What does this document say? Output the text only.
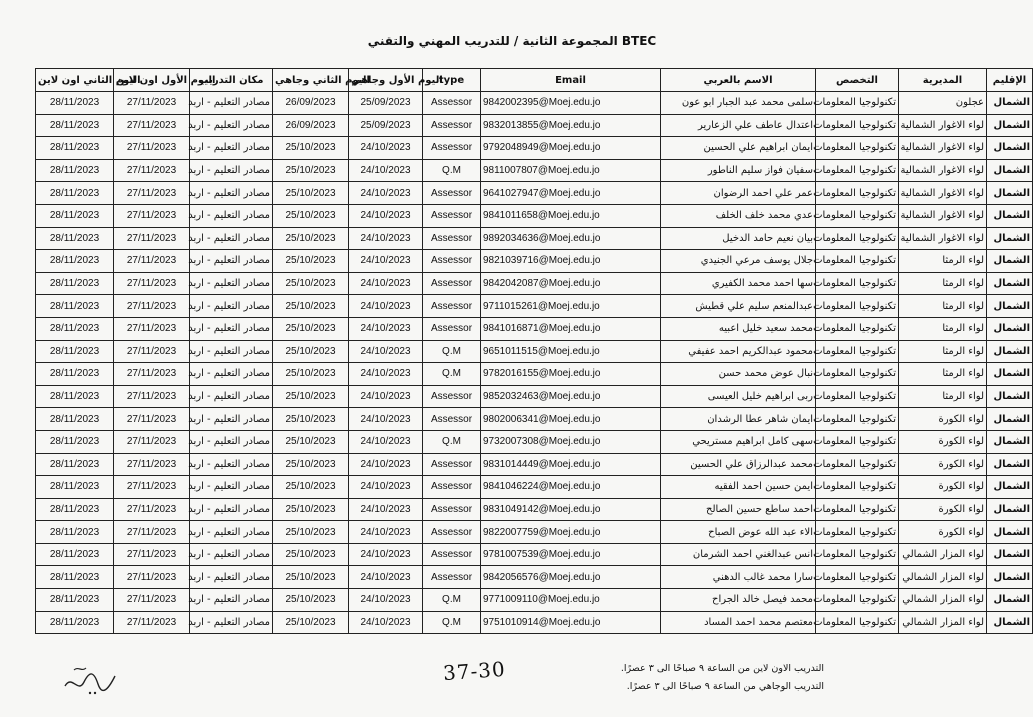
المجموعة الثانية / للتدريب المهني والتقني BTEC
اليوم الثاني اون لاين	اليوم الأول اون لاين	مكان التدريب	اليوم الثاني وجاهي	اليوم الأول وجاهي	type	Email	الاسم بالعربي	التخصص	المديرية	الإقليم
28/11/2023	27/11/2023	مصادر التعليم - اربد	26/09/2023	25/09/2023	Assessor	9842002395@Moej.edu.jo	سلمى محمد عبد الجبار ابو عون	تكنولوجيا المعلومات	عجلون	الشمال
28/11/2023	27/11/2023	مصادر التعليم - اربد	26/09/2023	25/09/2023	Assessor	9832013855@Moej.edu.jo	اعتدال عاطف علي الزعارير	تكنولوجيا المعلومات	لواء الاغوار الشمالية	الشمال
28/11/2023	27/11/2023	مصادر التعليم - اربد	25/10/2023	24/10/2023	Assessor	9792048949@Moej.edu.jo	ايمان ابراهيم علي الحسين	تكنولوجيا المعلومات	لواء الاغوار الشمالية	الشمال
28/11/2023	27/11/2023	مصادر التعليم - اربد	25/10/2023	24/10/2023	Q.M	9811007807@Moej.edu.jo	سفيان فواز سليم الناطور	تكنولوجيا المعلومات	لواء الاغوار الشمالية	الشمال
28/11/2023	27/11/2023	مصادر التعليم - اربد	25/10/2023	24/10/2023	Assessor	9641027947@Moej.edu.jo	عمر علي احمد الرضوان	تكنولوجيا المعلومات	لواء الاغوار الشمالية	الشمال
28/11/2023	27/11/2023	مصادر التعليم - اربد	25/10/2023	24/10/2023	Assessor	9841011658@Moej.edu.jo	عدي محمد خلف الخلف	تكنولوجيا المعلومات	لواء الاغوار الشمالية	الشمال
28/11/2023	27/11/2023	مصادر التعليم - اربد	25/10/2023	24/10/2023	Assessor	9892034636@Moej.edu.jo	بيان نعيم حامد الدخيل	تكنولوجيا المعلومات	لواء الاغوار الشمالية	الشمال
28/11/2023	27/11/2023	مصادر التعليم - اربد	25/10/2023	24/10/2023	Assessor	9821039716@Moej.edu.jo	جلال يوسف مرعي الجنيدي	تكنولوجيا المعلومات	لواء الرمثا	الشمال
28/11/2023	27/11/2023	مصادر التعليم - اربد	25/10/2023	24/10/2023	Assessor	9842042087@Moej.edu.jo	سها احمد محمد الكفيري	تكنولوجيا المعلومات	لواء الرمثا	الشمال
28/11/2023	27/11/2023	مصادر التعليم - اربد	25/10/2023	24/10/2023	Assessor	9711015261@Moej.edu.jo	عبدالمنعم سليم علي قطيش	تكنولوجيا المعلومات	لواء الرمثا	الشمال
28/11/2023	27/11/2023	مصادر التعليم - اربد	25/10/2023	24/10/2023	Assessor	9841016871@Moej.edu.jo	محمد سعيد خليل اعبيه	تكنولوجيا المعلومات	لواء الرمثا	الشمال
28/11/2023	27/11/2023	مصادر التعليم - اربد	25/10/2023	24/10/2023	Q.M	9651011515@Moej.edu.jo	محمود عبدالكريم احمد عفيفي	تكنولوجيا المعلومات	لواء الرمثا	الشمال
28/11/2023	27/11/2023	مصادر التعليم - اربد	25/10/2023	24/10/2023	Q.M	9782016155@Moej.edu.jo	نبال عوض محمد حسن	تكنولوجيا المعلومات	لواء الرمثا	الشمال
28/11/2023	27/11/2023	مصادر التعليم - اربد	25/10/2023	24/10/2023	Assessor	9852032463@Moej.edu.jo	ربى ابراهيم خليل العيسى	تكنولوجيا المعلومات	لواء الرمثا	الشمال
28/11/2023	27/11/2023	مصادر التعليم - اربد	25/10/2023	24/10/2023	Assessor	9802006341@Moej.edu.jo	ايمان شاهر عطا الرشدان	تكنولوجيا المعلومات	لواء الكورة	الشمال
28/11/2023	27/11/2023	مصادر التعليم - اربد	25/10/2023	24/10/2023	Q.M	9732007308@Moej.edu.jo	سهى كامل ابراهيم مستريحي	تكنولوجيا المعلومات	لواء الكورة	الشمال
28/11/2023	27/11/2023	مصادر التعليم - اربد	25/10/2023	24/10/2023	Assessor	9831014449@Moej.edu.jo	محمد عبدالرزاق علي الحسين	تكنولوجيا المعلومات	لواء الكورة	الشمال
28/11/2023	27/11/2023	مصادر التعليم - اربد	25/10/2023	24/10/2023	Assessor	9841046224@Moej.edu.jo	ايمن حسين احمد الفقيه	تكنولوجيا المعلومات	لواء الكورة	الشمال
28/11/2023	27/11/2023	مصادر التعليم - اربد	25/10/2023	24/10/2023	Assessor	9831049142@Moej.edu.jo	احمد ساطع حسين الصالح	تكنولوجيا المعلومات	لواء الكورة	الشمال
28/11/2023	27/11/2023	مصادر التعليم - اربد	25/10/2023	24/10/2023	Assessor	9822007759@Moej.edu.jo	الاء عبد الله عوض الصباح	تكنولوجيا المعلومات	لواء الكورة	الشمال
28/11/2023	27/11/2023	مصادر التعليم - اربد	25/10/2023	24/10/2023	Assessor	9781007539@Moej.edu.jo	انس عبدالغني احمد الشرمان	تكنولوجيا المعلومات	لواء المزار الشمالي	الشمال
28/11/2023	27/11/2023	مصادر التعليم - اربد	25/10/2023	24/10/2023	Assessor	9842056576@Moej.edu.jo	سارا محمد غالب الدهني	تكنولوجيا المعلومات	لواء المزار الشمالي	الشمال
28/11/2023	27/11/2023	مصادر التعليم - اربد	25/10/2023	24/10/2023	Q.M	9771009110@Moej.edu.jo	محمد فيصل خالد الجراح	تكنولوجيا المعلومات	لواء المزار الشمالي	الشمال
28/11/2023	27/11/2023	مصادر التعليم - اربد	25/10/2023	24/10/2023	Q.M	9751010914@Moej.edu.jo	معتصم محمد احمد المساد	تكنولوجيا المعلومات	لواء المزار الشمالي	الشمال
التدريب الاون لاين من الساعة ٩ صباحًا الى ٣ عصرًا.
التدريب الوجاهي من الساعة ٩ صباحًا الى ٣ عصرًا.
37-30
